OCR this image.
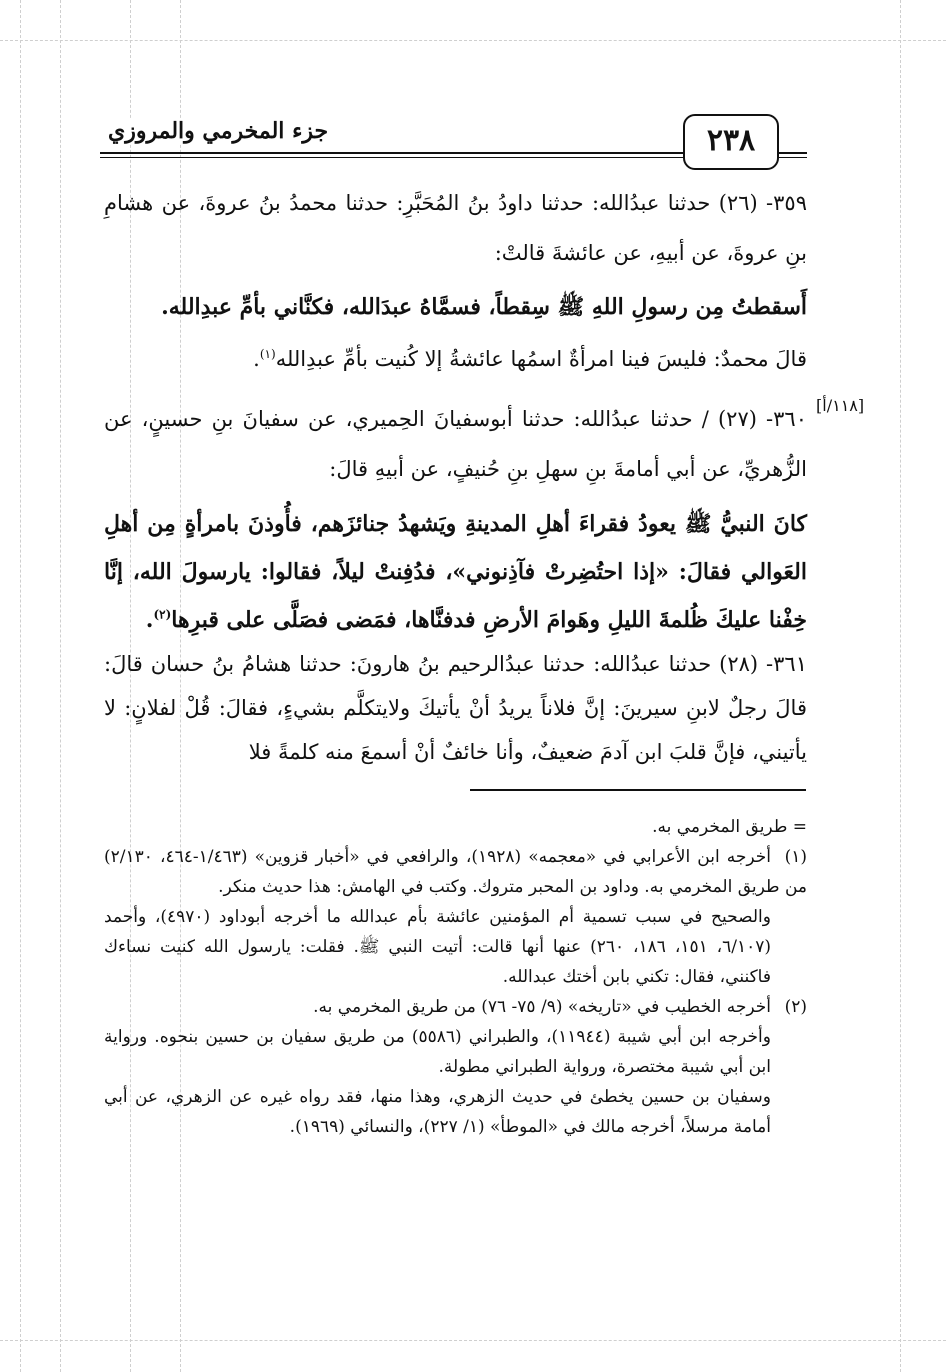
جزء المخرمي والمروزي	٢٣٨

٣٥٩- (٢٦) حدثنا عبدُالله: حدثنا داودُ بنُ المُحَبَّرِ: حدثنا محمدُ بنُ عروةَ، عن هشامِ بنِ عروةَ، عن أبيهِ، عن عائشةَ قالتْ:

أَسقطتُ مِن رسولِ اللهِ ﷺ سِقطاً، فسمَّاهُ عبدَالله، فكنَّاني بأمِّ عبدِالله.

قالَ محمدٌ: فليسَ فينا امرأةٌ اسمُها عائشةُ إلا كُنيت بأمِّ عبدِالله$^{(١)}$.

[١١٨/أ]

٣٦٠- (٢٧) / حدثنا عبدُالله: حدثنا أبوسفيانَ الحِميري، عن سفيانَ بنِ حسينٍ، عن الزُّهريِّ، عن أبي أمامةَ بنِ سهلِ بنِ حُنيفٍ، عن أبيهِ قالَ:

كانَ النبيُّ ﷺ يعودُ فقراءَ أهلِ المدينةِ ويَشهدُ جنائزَهم، فأُوذنَ بامرأةٍ مِن أهلِ العَوالي فقالَ: «إذا احتُضِرتْ فآذِنوني»، فدُفِنتْ ليلاً، فقالوا: يارسولَ الله، إنَّا خِفْنا عليكَ ظُلمةَ الليلِ وهَوامَ الأرضِ فدفنَّاها، فمَضى فصَلَّى على قبرِها$^{(٢)}$.

٣٦١- (٢٨) حدثنا عبدُالله: حدثنا عبدُالرحيم بنُ هارونَ: حدثنا هشامُ بنُ حسان قالَ: قالَ رجلٌ لابنِ سيرينَ: إنَّ فلاناً يريدُ أنْ يأتيكَ ولايتكلَّم بشيءٍ، فقالَ: قُلْ لفلانٍ: لا يأتيني، فإنَّ قلبَ ابن آدمَ ضعيفٌ، وأنا خائفٌ أنْ أسمعَ منه كلمةً فلا

= طريق المخرمي به.

(١)أخرجه ابن الأعرابي في «معجمه» (١٩٢٨)، والرافعي في «أخبار قزوين» (١/٤٦٣-٤٦٤، ٢/١٣٠) من طريق المخرمي به. وداود بن المحبر متروك. وكتب في الهامش: هذا حديث منكر.

والصحيح في سبب تسمية أم المؤمنين عائشة بأم عبدالله ما أخرجه أبوداود (٤٩٧٠)، وأحمد (٦/١٠٧، ١٥١، ١٨٦، ٢٦٠) عنها أنها قالت: أتيت النبي ﷺ. فقلت: يارسول الله كنيت نساءك فاكنني، فقال: تكني بابن أختك عبدالله.

(٢)أخرجه الخطيب في «تاريخه» (٩/ ٧٥- ٧٦) من طريق المخرمي به.

وأخرجه ابن أبي شيبة (١١٩٤٤)، والطبراني (٥٥٨٦) من طريق سفيان بن حسين بنحوه. ورواية ابن أبي شيبة مختصرة، ورواية الطبراني مطولة.

وسفيان بن حسين يخطئ في حديث الزهري، وهذا منها، فقد رواه غيره عن الزهري، عن أبي أمامة مرسلاً، أخرجه مالك في «الموطأ» (١/ ٢٢٧)، والنسائي (١٩٦٩).
